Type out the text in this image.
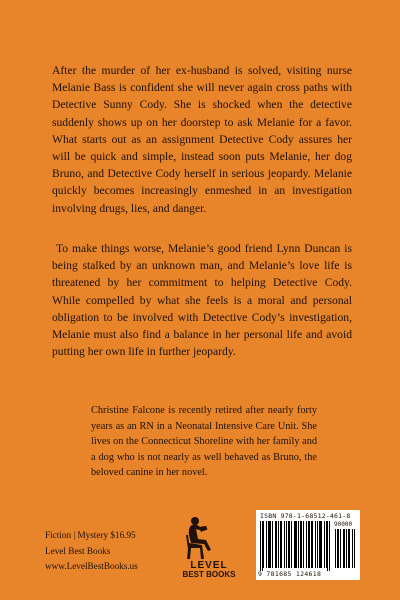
After the murder of her ex-husband is solved, visiting nurse Melanie Bass is confident she will never again cross paths with Detective Sunny Cody. She is shocked when the detective suddenly shows up on her doorstep to ask Melanie for a favor. What starts out as an assignment Detective Cody assures her will be quick and simple, instead soon puts Melanie, her dog Bruno, and Detective Cody herself in serious jeopardy. Melanie quickly becomes increasingly enmeshed in an investigation involving drugs, lies, and danger.

To make things worse, Melanie’s good friend Lynn Duncan is being stalked by an unknown man, and Melanie’s love life is threatened by her commitment to helping Detective Cody. While compelled by what she feels is a moral and personal obligation to be involved with Detective Cody’s investigation, Melanie must also find a balance in her personal life and avoid putting her own life in further jeopardy.

Christine Falcone is recently retired after nearly forty years as an RN in a Neonatal Intensive Care Unit. She lives on the Connecticut Shoreline with her family and a dog who is not nearly as well behaved as Bruno, the beloved canine in her novel.

Fiction | Mystery $16.95
Level Best Books
www.LevelBestBooks.us	LEVEL
BEST BOOKS
ISBN 978-1-68512-461-8
90000
9 781685 124618
